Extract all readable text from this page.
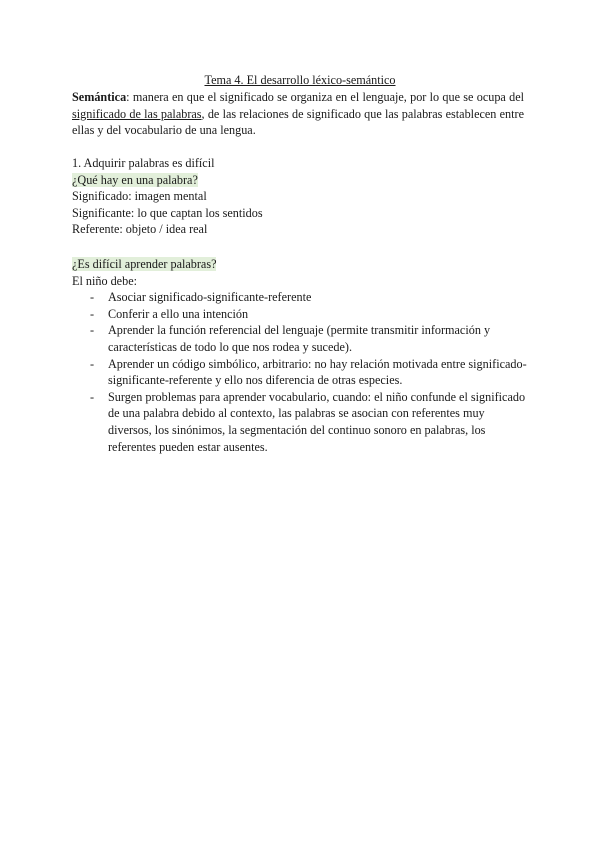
Tema 4. El desarrollo léxico-semántico

Semántica: manera en que el significado se organiza en el lenguaje, por lo que se ocupa del significado de las palabras, de las relaciones de significado que las palabras establecen entre ellas y del vocabulario de una lengua.

1. Adquirir palabras es difícil
¿Qué hay en una palabra?
Significado: imagen mental
Significante: lo que captan los sentidos
Referente: objeto / idea real
¿Es difícil aprender palabras?
El niño debe:
- Asociar significado-significante-referente
- Conferir a ello una intención
- Aprender la función referencial del lenguaje (permite transmitir información y características de todo lo que nos rodea y sucede).
- Aprender un código simbólico, arbitrario: no hay relación motivada entre significado-significante-referente y ello nos diferencia de otras especies.
- Surgen problemas para aprender vocabulario, cuando: el niño confunde el significado de una palabra debido al contexto, las palabras se asocian con referentes muy diversos, los sinónimos, la segmentación del continuo sonoro en palabras, los referentes pueden estar ausentes.
